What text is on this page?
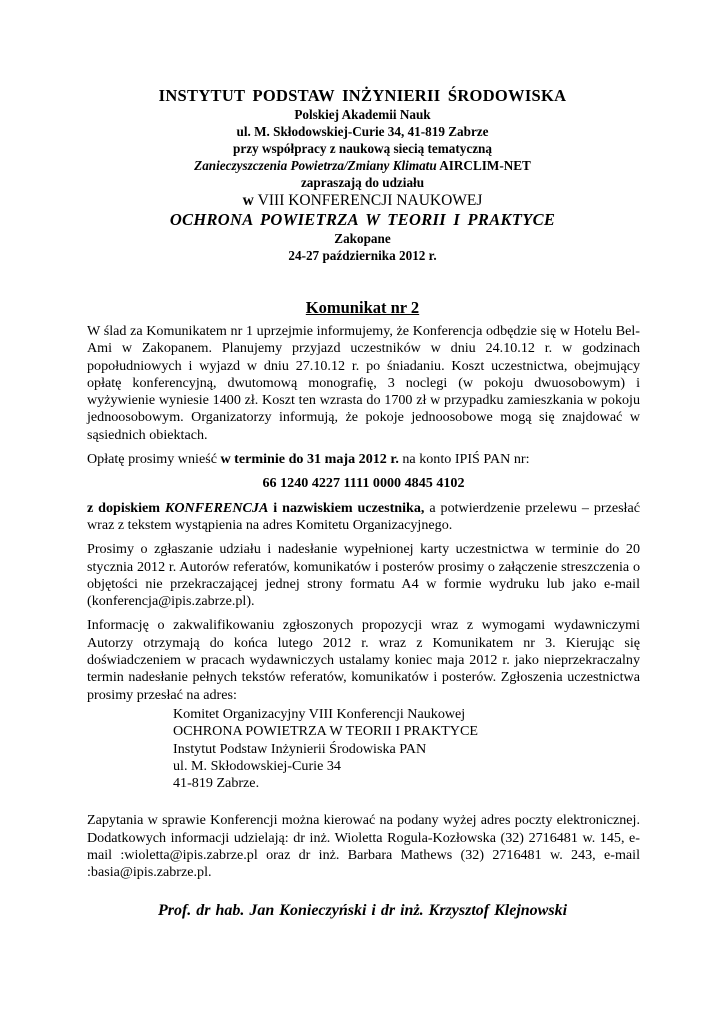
INSTYTUT PODSTAW INŻYNIERII ŚRODOWISKA
Polskiej Akademii Nauk
ul. M. Skłodowskiej-Curie 34, 41-819 Zabrze
przy współpracy z naukową siecią tematyczną
Zanieczyszczenia Powietrza/Zmiany Klimatu AIRCLIM-NET
zapraszają do udziału
w VIII KONFERENCJI NAUKOWEJ
OCHRONA POWIETRZA W TEORII I PRAKTYCE
Zakopane
24-27 października 2012 r.
Komunikat nr 2

W ślad za Komunikatem nr 1 uprzejmie informujemy, że Konferencja odbędzie się w Hotelu Bel-Ami w Zakopanem. Planujemy przyjazd uczestników w dniu 24.10.12 r. w godzinach popołudniowych i wyjazd w dniu 27.10.12 r. po śniadaniu. Koszt uczestnictwa, obejmujący opłatę konferencyjną, dwutomową monografię, 3 noclegi (w pokoju dwuosobowym) i wyżywienie wyniesie 1400 zł. Koszt ten wzrasta do 1700 zł w przypadku zamieszkania w pokoju jednoosobowym. Organizatorzy informują, że pokoje jednoosobowe mogą się znajdować w sąsiednich obiektach.

Opłatę prosimy wnieść w terminie do 31 maja 2012 r. na konto IPIŚ PAN nr:

66 1240 4227 1111 0000 4845 4102

z dopiskiem KONFERENCJA i nazwiskiem uczestnika, a potwierdzenie przelewu – przesłać wraz z tekstem wystąpienia na adres Komitetu Organizacyjnego.

Prosimy o zgłaszanie udziału i nadesłanie wypełnionej karty uczestnictwa w terminie do 20 stycznia 2012 r. Autorów referatów, komunikatów i posterów prosimy o załączenie streszczenia o objętości nie przekraczającej jednej strony formatu A4 w formie wydruku lub jako e-mail (konferencja@ipis.zabrze.pl).

Informację o zakwalifikowaniu zgłoszonych propozycji wraz z wymogami wydawniczymi Autorzy otrzymają do końca lutego 2012 r. wraz z Komunikatem nr 3. Kierując się doświadczeniem w pracach wydawniczych ustalamy koniec maja 2012 r. jako nieprzekraczalny termin nadesłanie pełnych tekstów referatów, komunikatów i posterów. Zgłoszenia uczestnictwa prosimy przesłać na adres:

Komitet Organizacyjny VIII Konferencji Naukowej
OCHRONA POWIETRZA W TEORII I PRAKTYCE
Instytut Podstaw Inżynierii Środowiska PAN
ul. M. Skłodowskiej-Curie 34
41-819 Zabrze.

Zapytania w sprawie Konferencji można kierować na podany wyżej adres poczty elektronicznej. Dodatkowych informacji udzielają: dr inż. Wioletta Rogula-Kozłowska (32) 2716481 w. 145, e-mail :wioletta@ipis.zabrze.pl oraz dr inż. Barbara Mathews (32) 2716481 w. 243, e-mail :basia@ipis.zabrze.pl.

Prof. dr hab. Jan Konieczyński i dr inż. Krzysztof Klejnowski
